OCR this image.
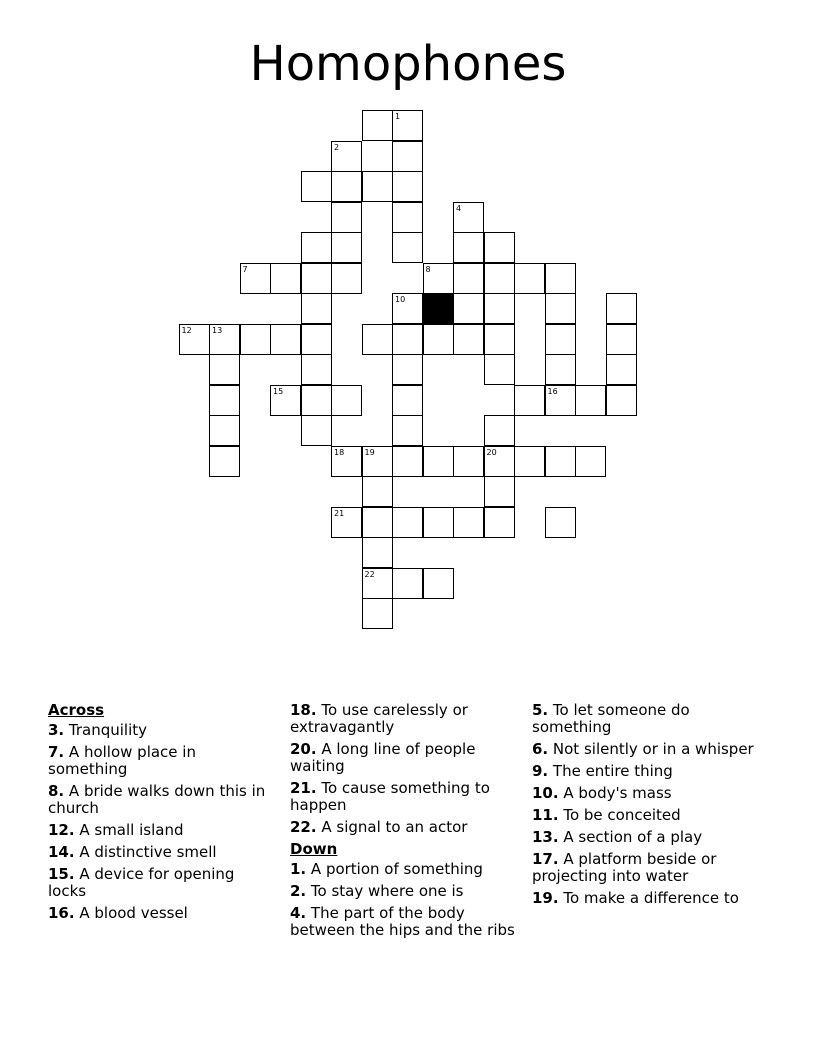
Homophones
1
2
4
7	8
10
12	13
15	16
18	19	20
21
22
Across
3. Tranquility
7. A hollow place in something
8. A bride walks down this in church
12. A small island
14. A distinctive smell
15. A device for opening locks
16. A blood vessel
18. To use carelessly or extravagantly
20. A long line of people waiting
21. To cause something to happen
22. A signal to an actor
Down
1. A portion of something
2. To stay where one is
4. The part of the body between the hips and the ribs
5. To let someone do something
6. Not silently or in a whisper
9. The entire thing
10. A body's mass
11. To be conceited
13. A section of a play
17. A platform beside or projecting into water
19. To make a difference to
